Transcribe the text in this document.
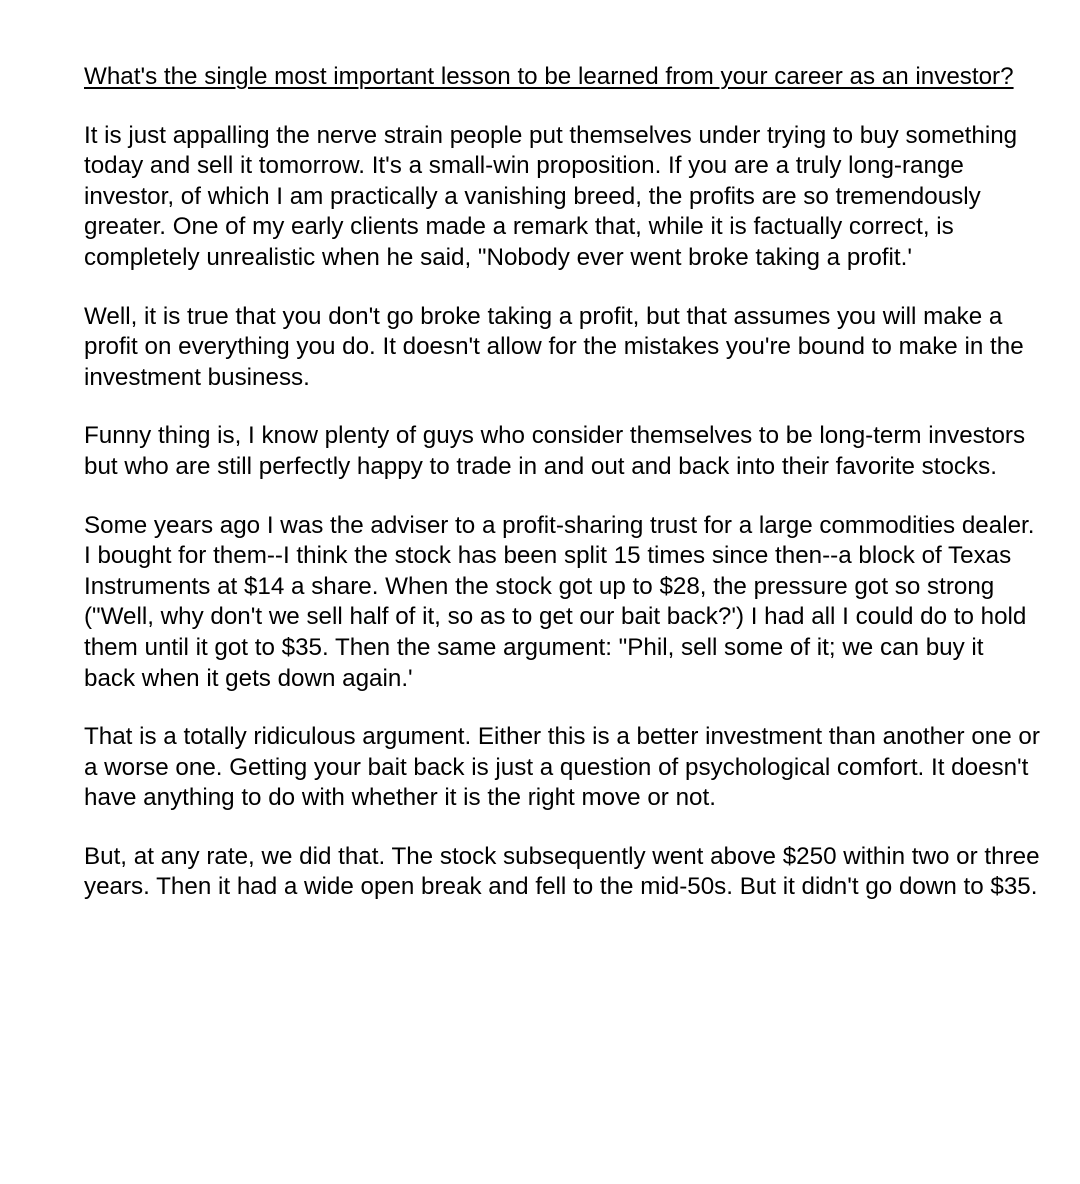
What's the single most important lesson to be learned from your career as an investor?

It is just appalling the nerve strain people put themselves under trying to buy something today and sell it tomorrow. It's a small-win proposition. If you are a truly long-range investor, of which I am practically a vanishing breed, the profits are so tremendously greater. One of my early clients made a remark that, while it is factually correct, is completely unrealistic when he said, "Nobody ever went broke taking a profit.'

Well, it is true that you don't go broke taking a profit, but that assumes you will make a profit on everything you do. It doesn't allow for the mistakes you're bound to make in the investment business.

Funny thing is, I know plenty of guys who consider themselves to be long-term investors but who are still perfectly happy to trade in and out and back into their favorite stocks.

Some years ago I was the adviser to a profit-sharing trust for a large commodities dealer. I bought for them--I think the stock has been split 15 times since then--a block of Texas Instruments at $14 a share. When the stock got up to $28, the pressure got so strong ("Well, why don't we sell half of it, so as to get our bait back?') I had all I could do to hold them until it got to $35. Then the same argument: "Phil, sell some of it; we can buy it back when it gets down again.'

That is a totally ridiculous argument. Either this is a better investment than another one or a worse one. Getting your bait back is just a question of psychological comfort. It doesn't have anything to do with whether it is the right move or not.

But, at any rate, we did that. The stock subsequently went above $250 within two or three years. Then it had a wide open break and fell to the mid-50s. But it didn't go down to $35.
